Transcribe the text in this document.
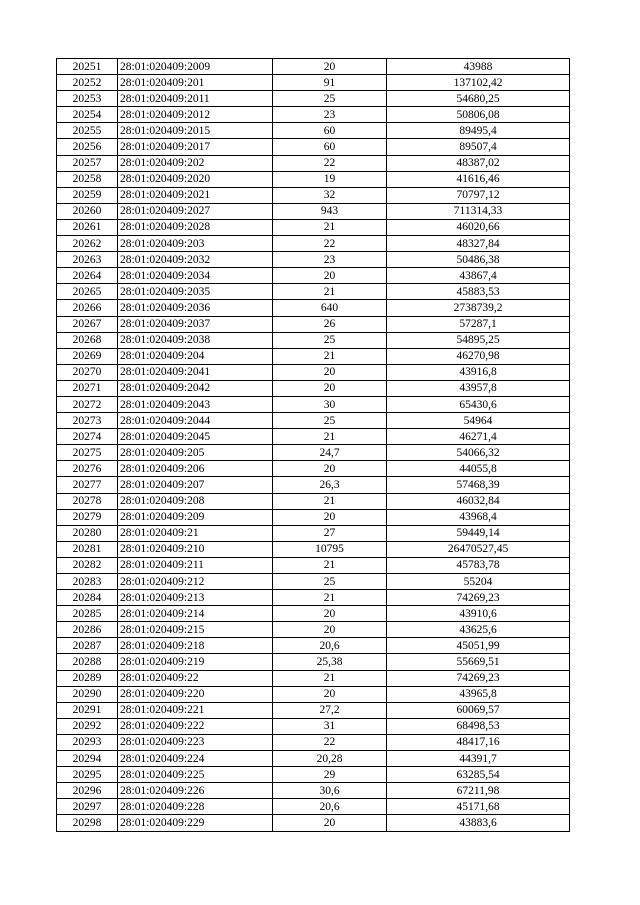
20251	28:01:020409:2009	20	43988
20252	28:01:020409:201	91	137102,42
20253	28:01:020409:2011	25	54680,25
20254	28:01:020409:2012	23	50806,08
20255	28:01:020409:2015	60	89495,4
20256	28:01:020409:2017	60	89507,4
20257	28:01:020409:202	22	48387,02
20258	28:01:020409:2020	19	41616,46
20259	28:01:020409:2021	32	70797,12
20260	28:01:020409:2027	943	711314,33
20261	28:01:020409:2028	21	46020,66
20262	28:01:020409:203	22	48327,84
20263	28:01:020409:2032	23	50486,38
20264	28:01:020409:2034	20	43867,4
20265	28:01:020409:2035	21	45883,53
20266	28:01:020409:2036	640	2738739,2
20267	28:01:020409:2037	26	57287,1
20268	28:01:020409:2038	25	54895,25
20269	28:01:020409:204	21	46270,98
20270	28:01:020409:2041	20	43916,8
20271	28:01:020409:2042	20	43957,8
20272	28:01:020409:2043	30	65430,6
20273	28:01:020409:2044	25	54964
20274	28:01:020409:2045	21	46271,4
20275	28:01:020409:205	24,7	54066,32
20276	28:01:020409:206	20	44055,8
20277	28:01:020409:207	26,3	57468,39
20278	28:01:020409:208	21	46032,84
20279	28:01:020409:209	20	43968,4
20280	28:01:020409:21	27	59449,14
20281	28:01:020409:210	10795	26470527,45
20282	28:01:020409:211	21	45783,78
20283	28:01:020409:212	25	55204
20284	28:01:020409:213	21	74269,23
20285	28:01:020409:214	20	43910,6
20286	28:01:020409:215	20	43625,6
20287	28:01:020409:218	20,6	45051,99
20288	28:01:020409:219	25,38	55669,51
20289	28:01:020409:22	21	74269,23
20290	28:01:020409:220	20	43965,8
20291	28:01:020409:221	27,2	60069,57
20292	28:01:020409:222	31	68498,53
20293	28:01:020409:223	22	48417,16
20294	28:01:020409:224	20,28	44391,7
20295	28:01:020409:225	29	63285,54
20296	28:01:020409:226	30,6	67211,98
20297	28:01:020409:228	20,6	45171,68
20298	28:01:020409:229	20	43883,6
